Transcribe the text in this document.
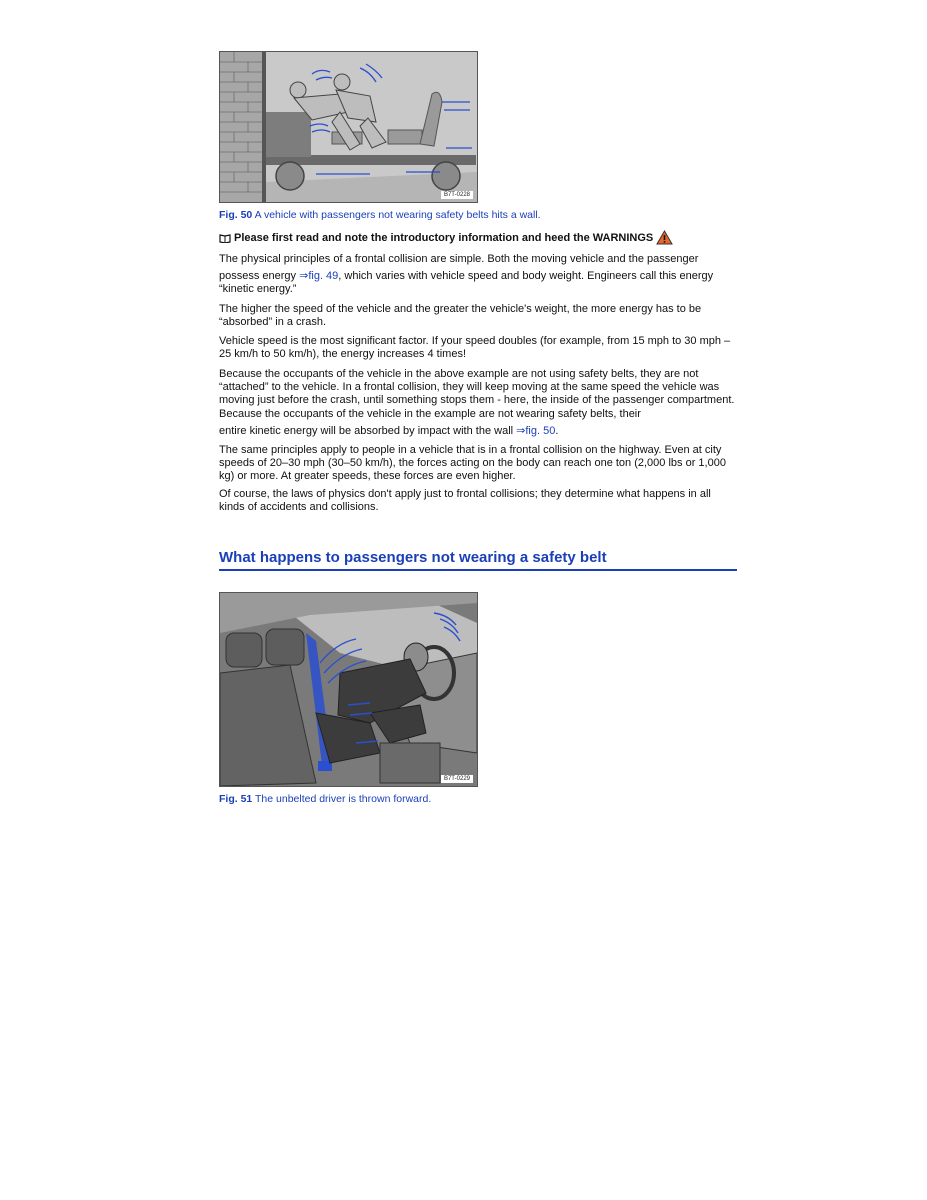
B7T-0228
Fig. 50 A vehicle with passengers not wearing safety belts hits a wall.
Please first read and note the introductory information and heed the WARNINGS

The physical principles of a frontal collision are simple. Both the moving vehicle and the passenger

possess energy ⇒fig. 49, which varies with vehicle speed and body weight. Engineers call this energy “kinetic energy.”

The higher the speed of the vehicle and the greater the vehicle's weight, the more energy has to be “absorbed” in a crash.

Vehicle speed is the most significant factor. If your speed doubles (for example, from 15 mph to 30 mph – 25 km/h to 50 km/h), the energy increases 4 times!

Because the occupants of the vehicle in the above example are not using safety belts, they are not “attached” to the vehicle. In a frontal collision, they will keep moving at the same speed the vehicle was moving just before the crash, until something stops them - here, the inside of the passenger compartment. Because the occupants of the vehicle in the example are not wearing safety belts, their

entire kinetic energy will be absorbed by impact with the wall ⇒fig. 50.

The same principles apply to people in a vehicle that is in a frontal collision on the highway. Even at city speeds of 20–30 mph (30–50 km/h), the forces acting on the body can reach one ton (2,000 lbs or 1,000 kg) or more. At greater speeds, these forces are even higher.

Of course, the laws of physics don't apply just to frontal collisions; they determine what happens in all kinds of accidents and collisions.

What happens to passengers not wearing a safety belt
B7T-0229
Fig. 51 The unbelted driver is thrown forward.
